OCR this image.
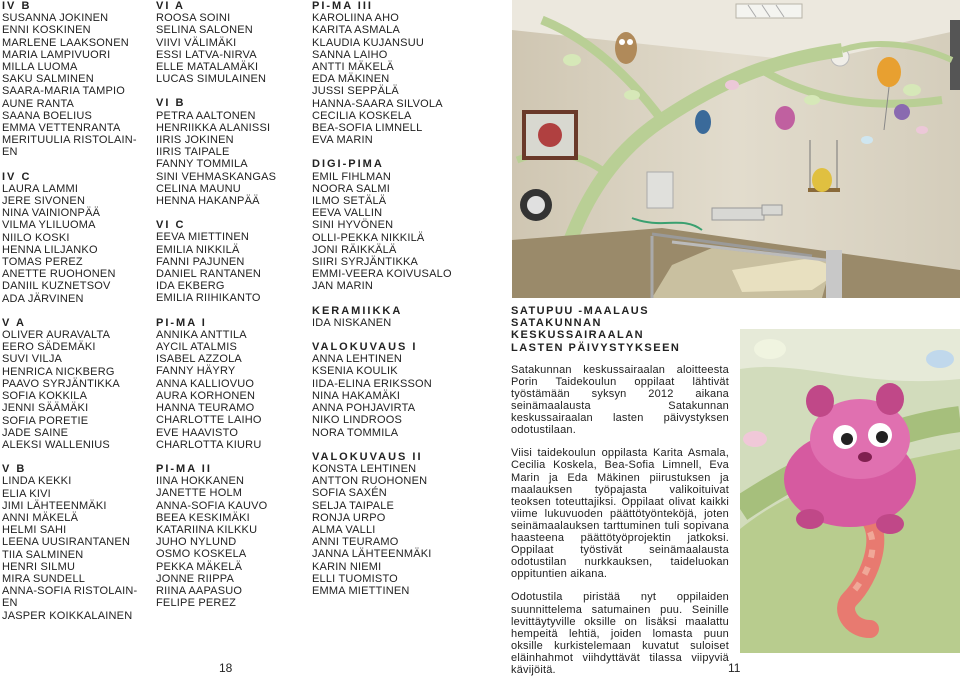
IV B
SUSANNA JOKINEN
ENNI KOSKINEN
MARLENE LAAKSONEN
MARIA LAMPIVUORI
MILLA LUOMA
SAKU SALMINEN
SAARA-MARIA TAMPIO
AUNE RANTA
SAANA BOELIUS
EMMA VETTENRANTA
MERITUULIA RISTOLAIN-
EN
IV C
LAURA LAMMI
JERE SIVONEN
NINA VAINIONPÄÄ
VILMA YLILUOMA
NIILO KOSKI
HENNA LILJANKO
TOMAS PEREZ
ANETTE RUOHONEN
DANIIL KUZNETSOV
ADA JÄRVINEN
V A
OLIVER AURAVALTA
EERO SÄDEMÄKI
SUVI VILJA
HENRICA NICKBERG
PAAVO SYRJÄNTIKKA
SOFIA KOKKILA
JENNI SÄÄMÄKI
SOFIA PORETIE
JADE SAINE
ALEKSI WALLENIUS
V B
LINDA KEKKI
ELIA KIVI
JIMI LÄHTEENMÄKI
ANNI MÄKELÄ
HELMI SAHI
LEENA UUSIRANTANEN
TIIA SALMINEN
HENRI SILMU
MIRA SUNDELL
ANNA-SOFIA RISTOLAIN-
EN
JASPER KOIKKALAINEN
VI A
ROOSA SOINI
SELINA SALONEN
VIIVI VÄLIMÄKI
ESSI LATVA-NIRVA
ELLE MATALAMÄKI
LUCAS SIMULAINEN
VI B
PETRA AALTONEN
HENRIIKKA ALANISSI
IIRIS JOKINEN
IIRIS TAIPALE
FANNY TOMMILA
SINI VEHMASKANGAS
CELINA MAUNU
HENNA HAKANPÄÄ
VI C
EEVA MIETTINEN
EMILIA NIKKILÄ
FANNI PAJUNEN
DANIEL RANTANEN
IDA EKBERG
EMILIA RIIHIKANTO
PI-MA I
ANNIKA ANTTILA
AYCIL ATALMIS
ISABEL AZZOLA
FANNY HÄYRY
ANNA KALLIOVUO
AURA KORHONEN
HANNA TEURAMO
CHARLOTTE LAIHO
EVE HAAVISTO
CHARLOTTA KIURU
PI-MA II
IINA HOKKANEN
JANETTE HOLM
ANNA-SOFIA KAUVO
BEEA KESKIMÄKI
KATARIINA KILKKU
JUHO NYLUND
OSMO KOSKELA
PEKKA MÄKELÄ
JONNE RIIPPA
RIINA AAPASUO
FELIPE PEREZ
PI-MA III
KAROLIINA AHO
KARITA ASMALA
KLAUDIA KUJANSUU
SANNA LAIHO
ANTTI MÄKELÄ
EDA MÄKINEN
JUSSI SEPPÄLÄ
HANNA-SAARA SILVOLA
CECILIA KOSKELA
BEA-SOFIA LIMNELL
EVA MARIN
DIGI-PIMA
EMIL FIHLMAN
NOORA SALMI
ILMO SETÄLÄ
EEVA VALLIN
SINI HYVÖNEN
OLLI-PEKKA NIKKILÄ
JONI RÄIKKÄLÄ
SIIRI SYRJÄNTIKKA
EMMI-VEERA KOIVUSALO
JAN MARIN
KERAMIIKKA
IDA NISKANEN
VALOKUVAUS I
ANNA LEHTINEN
KSENIA KOULIK
IIDA-ELINA ERIKSSON
NINA HAKAMÄKI
ANNA POHJAVIRTA
NIKO LINDROOS
NORA TOMMILA
VALOKUVAUS II
KONSTA LEHTINEN
ANTTON RUOHONEN
SOFIA SAXÉN
SELJA TAIPALE
RONJA URPO
ALMA VALLI
ANNI TEURAMO
JANNA LÄHTEENMÄKI
KARIN NIEMI
ELLI TUOMISTO
EMMA MIETTINEN
SATUPUU -MAALAUS SATAKUNNAN
KESKUSSAIRAALAN
LASTEN PÄIVYSTYKSEEN

Satakunnan keskussairaalan aloitteesta Porin Taidekoulun oppilaat lähtivät työstämään syksyn 2012 aikana seinämaalausta Satakunnan keskussairaalan lasten päivystyksen odotustilaan.

Viisi taidekoulun oppilasta Karita Asmala, Cecilia Koskela, Bea-Sofia Limnell, Eva Marin ja Eda Mäkinen piirustuksen ja maalauksen työpajasta valikoituivat teoksen toteuttajiksi. Oppilaat olivat kaikki viime lukuvuoden päättötyönteköjä, joten seinämaalauksen tarttuminen tuli sopivana haasteena päättötyöprojektin jatkoksi. Oppilaat työstivät seinämaalausta odotustilan nurkkauksen, taideluokan oppituntien aikana.

Odotustila piristää nyt oppilaiden suunnittelema satumainen puu. Seinille levittäytyville oksille on lisäksi maalattu hempeitä lehtiä, joiden lomasta puun oksille kurkistelemaan kuvatut suloiset eläinhahmot viihdyttävät tilassa viipyviä kävijöitä.

18	11
